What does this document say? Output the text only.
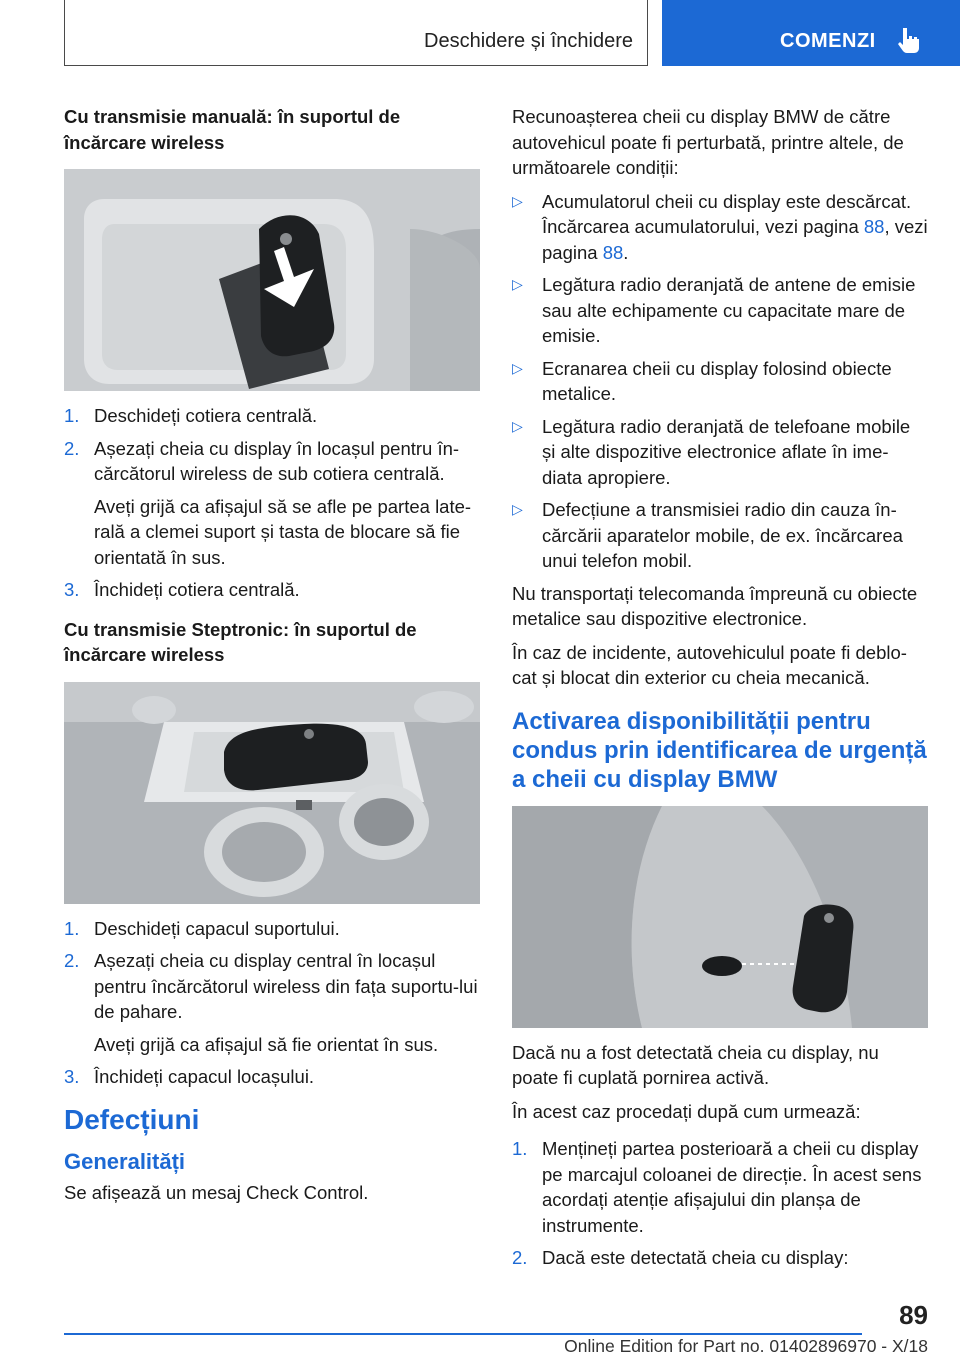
Deschidere și închidere	COMENZI
Cu transmisie manuală: în suportul de încărcare wireless
1. Deschideți cotiera centrală.
2. Așezați cheia cu display în locașul pentru în‐cărcătorul wireless de sub cotiera centrală.
Aveți grijă ca afișajul să se afle pe partea late‐rală a clemei suport și tasta de blocare să fie orientată în sus.
3. Închideți cotiera centrală.
Cu transmisie Steptronic: în suportul de încărcare wireless
1. Deschideți capacul suportului.
2. Așezați cheia cu display central în locașul pentru încărcătorul wireless din fața suportu‐lui de pahare.
Aveți grijă ca afișajul să fie orientat în sus.
3. Închideți capacul locașului.
Defecțiuni
Generalități
Se afișează un mesaj Check Control.
Recunoașterea cheii cu display BMW de către autovehicul poate fi perturbată, printre altele, de următoarele condiții:
▷ Acumulatorul cheii cu display este descărcat. Încărcarea acumulatorului, vezi pagina 88, vezi pagina 88.
▷ Legătura radio deranjată de antene de emisie sau alte echipamente cu capacitate mare de emisie.
▷ Ecranarea cheii cu display folosind obiecte metalice.
▷ Legătura radio deranjată de telefoane mobile și alte dispozitive electronice aflate în ime‐diata apropiere.
▷ Defecțiune a transmisiei radio din cauza în‐cărcării aparatelor mobile, de ex. încărcarea unui telefon mobil.
Nu transportați telecomanda împreună cu obiecte metalice sau dispozitive electronice.
În caz de incidente, autovehiculul poate fi deblo‐cat și blocat din exterior cu cheia mecanică.
Activarea disponibilității pentru condus prin identificarea de urgență a cheii cu display BMW
Dacă nu a fost detectată cheia cu display, nu poate fi cuplată pornirea activă.
În acest caz procedați după cum urmează:
1. Mențineți partea posterioară a cheii cu display pe marcajul coloanei de direcție. În acest sens acordați atenție afișajului din planșa de instrumente.
2. Dacă este detectată cheia cu display:
89
Online Edition for Part no. 01402896970 - X/18
